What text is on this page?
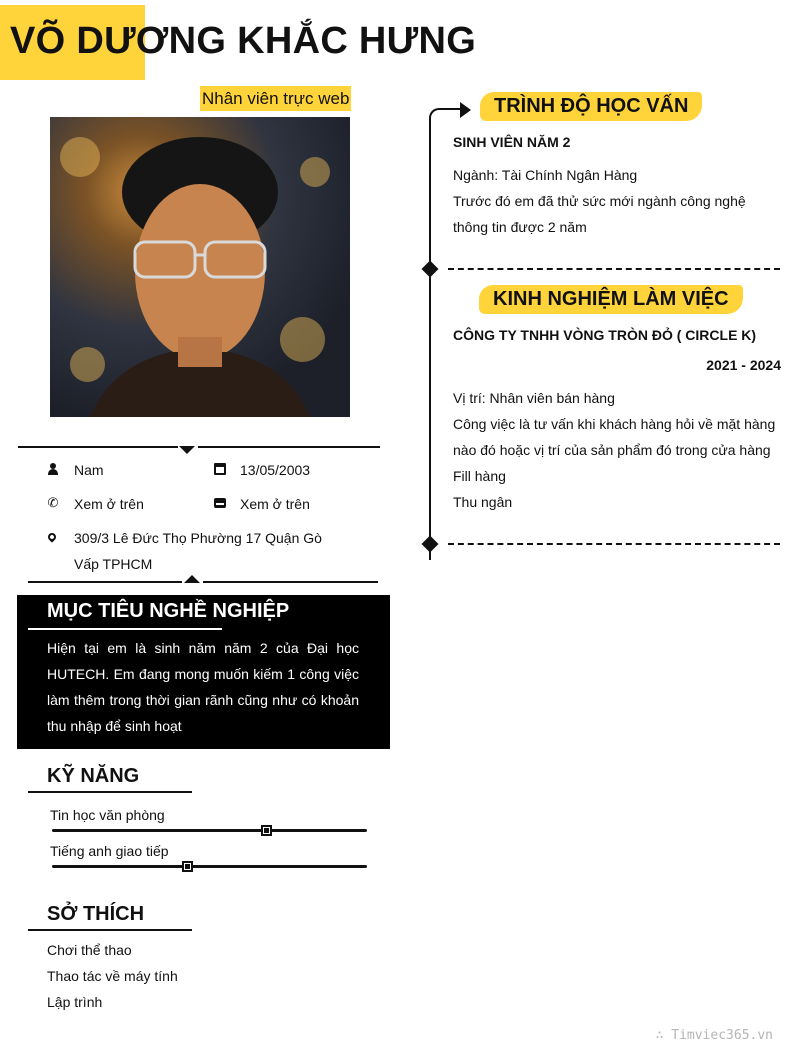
VÕ DƯƠNG KHẮC HƯNG
Nhân viên trực web
Nam	13/05/2003
✆ Xem ở trên	Xem ở trên
309/3 Lê Đức Thọ Phường 17 Quận Gò Vấp TPHCM
MỤC TIÊU NGHỀ NGHIỆP

Hiện tại em là sinh năm năm 2 của Đại học HUTECH. Em đang mong muốn kiếm 1 công việc làm thêm trong thời gian rãnh cũng như có khoản thu nhập để sinh hoạt

KỸ NĂNG
Tin học văn phòng
Tiếng anh giao tiếp
SỞ THÍCH
Chơi thể thao
Thao tác về máy tính
Lập trình
TRÌNH ĐỘ HỌC VẤN
SINH VIÊN NĂM 2
Ngành: Tài Chính Ngân Hàng
Trước đó em đã thử sức mới ngành công nghệ thông tin được 2 năm
KINH NGHIỆM LÀM VIỆC
CÔNG TY TNHH VÒNG TRÒN ĐỎ ( CIRCLE K)
2021 - 2024
Vị trí: Nhân viên bán hàng
Công việc là tư vấn khi khách hàng hỏi về mặt hàng nào đó hoặc vị trí của sản phẩm đó trong cửa hàng
Fill hàng
Thu ngân
∴ Timviec365.vn
